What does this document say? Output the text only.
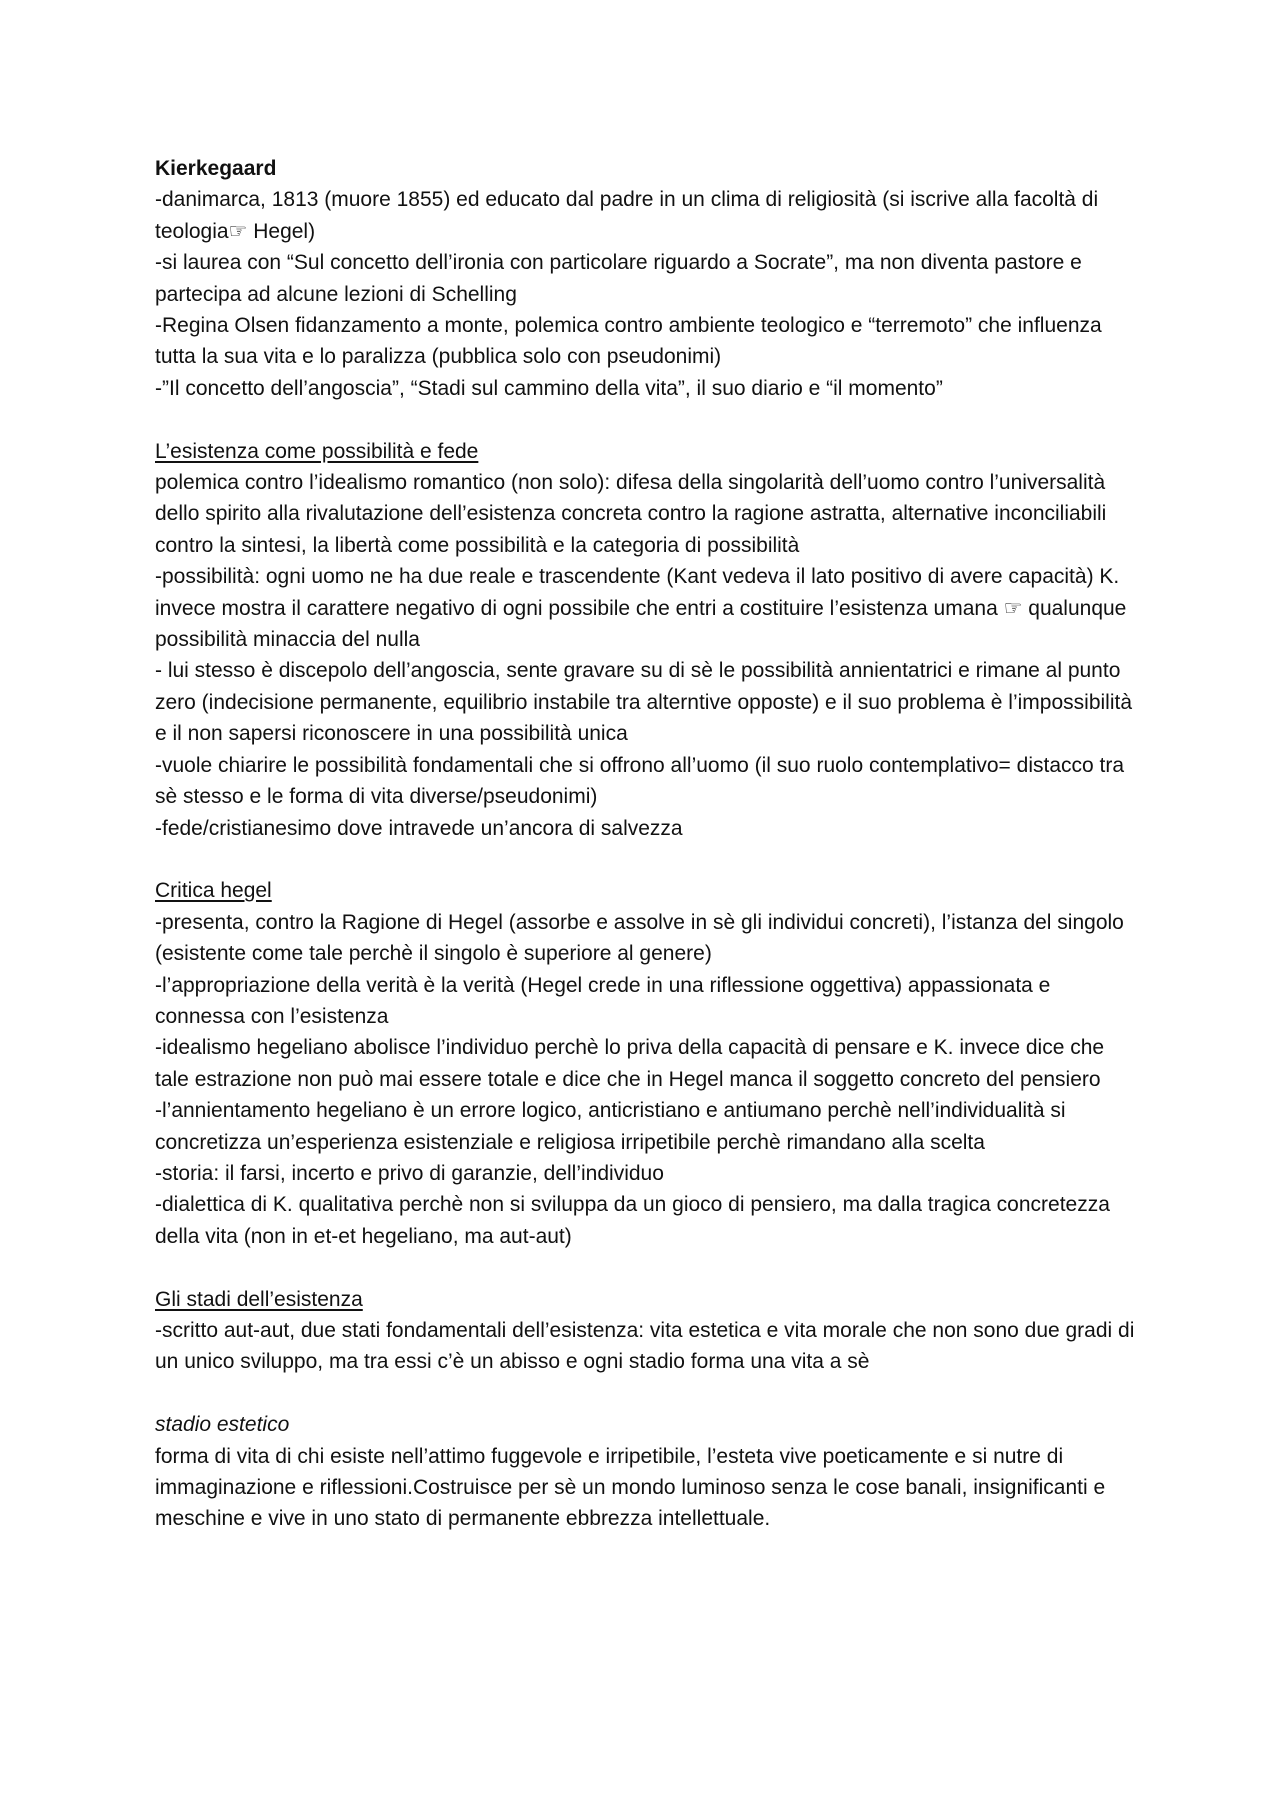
Kierkegaard

-danimarca, 1813 (muore 1855) ed educato dal padre in un clima di religiosità (si iscrive alla facoltà di teologia☞ Hegel)

-si laurea con “Sul concetto dell’ironia con particolare riguardo a Socrate”, ma non diventa pastore e partecipa ad alcune lezioni di Schelling

-Regina Olsen fidanzamento a monte, polemica contro ambiente teologico e “terremoto” che influenza tutta la sua vita e lo paralizza (pubblica solo con pseudonimi)

-”Il concetto dell’angoscia”, “Stadi sul cammino della vita”, il suo diario e “il momento”

L’esistenza come possibilità e fede

polemica contro l’idealismo romantico (non solo): difesa della singolarità dell’uomo contro l’universalità dello spirito alla rivalutazione dell’esistenza concreta contro la ragione astratta, alternative inconciliabili contro la sintesi, la libertà come possibilità e la categoria di possibilità

-possibilità: ogni uomo ne ha due reale e trascendente (Kant vedeva il lato positivo di avere capacità) K. invece mostra il carattere negativo di ogni possibile che entri a costituire l’esistenza umana ☞ qualunque possibilità minaccia del nulla

- lui stesso è discepolo dell’angoscia, sente gravare su di sè le possibilità annientatrici e rimane al punto zero (indecisione permanente, equilibrio instabile tra alterntive opposte) e il suo problema è l’impossibilità e il non sapersi riconoscere in una possibilità unica

-vuole chiarire le possibilità fondamentali che si offrono all’uomo (il suo ruolo contemplativo= distacco tra sè stesso e le forma di vita diverse/pseudonimi)

-fede/cristianesimo dove intravede un’ancora di salvezza

Critica hegel

-presenta, contro la Ragione di Hegel (assorbe e assolve in sè gli individui concreti), l’istanza del singolo (esistente come tale perchè il singolo è superiore al genere)

-l’appropriazione della verità è la verità (Hegel crede in una riflessione oggettiva) appassionata e connessa con l’esistenza

-idealismo hegeliano abolisce l’individuo perchè lo priva della capacità di pensare e K. invece dice che tale estrazione non può mai essere totale e dice che in Hegel manca il soggetto concreto del pensiero

-l’annientamento hegeliano è un errore logico, anticristiano e antiumano perchè nell’individualità si concretizza un’esperienza esistenziale e religiosa irripetibile perchè rimandano alla scelta

-storia: il farsi, incerto e privo di garanzie, dell’individuo

-dialettica di K. qualitativa perchè non si sviluppa da un gioco di pensiero, ma dalla tragica concretezza della vita (non in et-et hegeliano, ma aut-aut)

Gli stadi dell’esistenza

-scritto aut-aut, due stati fondamentali dell’esistenza: vita estetica e vita morale che non sono due gradi di un unico sviluppo, ma tra essi c’è un abisso e ogni stadio forma una vita a sè

stadio estetico

forma di vita di chi esiste nell’attimo fuggevole e irripetibile, l’esteta vive poeticamente e si nutre di immaginazione e riflessioni.Costruisce per sè un mondo luminoso senza le cose banali, insignificanti e meschine e vive in uno stato di permanente ebbrezza intellettuale.
